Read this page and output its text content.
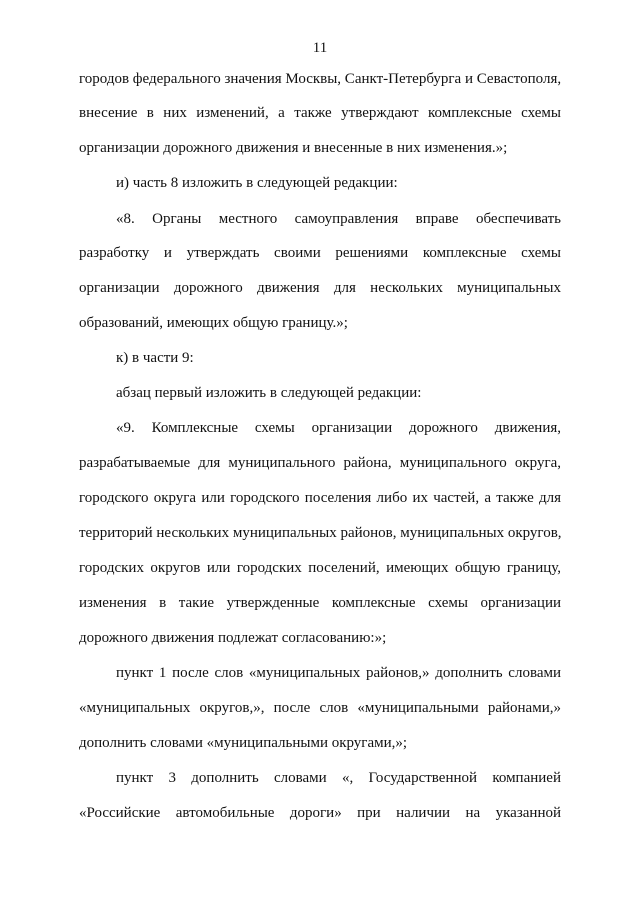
11
городов федерального значения Москвы, Санкт-Петербурга и Севастополя,
внесение в них изменений, а также утверждают комплексные схемы
организации дорожного движения и внесенные в них изменения.»;
и) часть 8 изложить в следующей редакции:
«8. Органы местного самоуправления вправе обеспечивать
разработку и утверждать своими решениями комплексные схемы
организации дорожного движения для нескольких муниципальных
образований, имеющих общую границу.»;
к) в части 9:
абзац первый изложить в следующей редакции:
«9. Комплексные схемы организации дорожного движения,
разрабатываемые для муниципального района, муниципального округа,
городского округа или городского поселения либо их частей, а также для
территорий нескольких муниципальных районов, муниципальных округов,
городских округов или городских поселений, имеющих общую границу,
изменения в такие утвержденные комплексные схемы организации
дорожного движения подлежат согласованию:»;
пункт 1 после слов «муниципальных районов,» дополнить словами
«муниципальных округов,», после слов «муниципальными районами,»
дополнить словами «муниципальными округами,»;
пункт 3 дополнить словами «, Государственной компанией
«Российские автомобильные дороги» при наличии на указанной
